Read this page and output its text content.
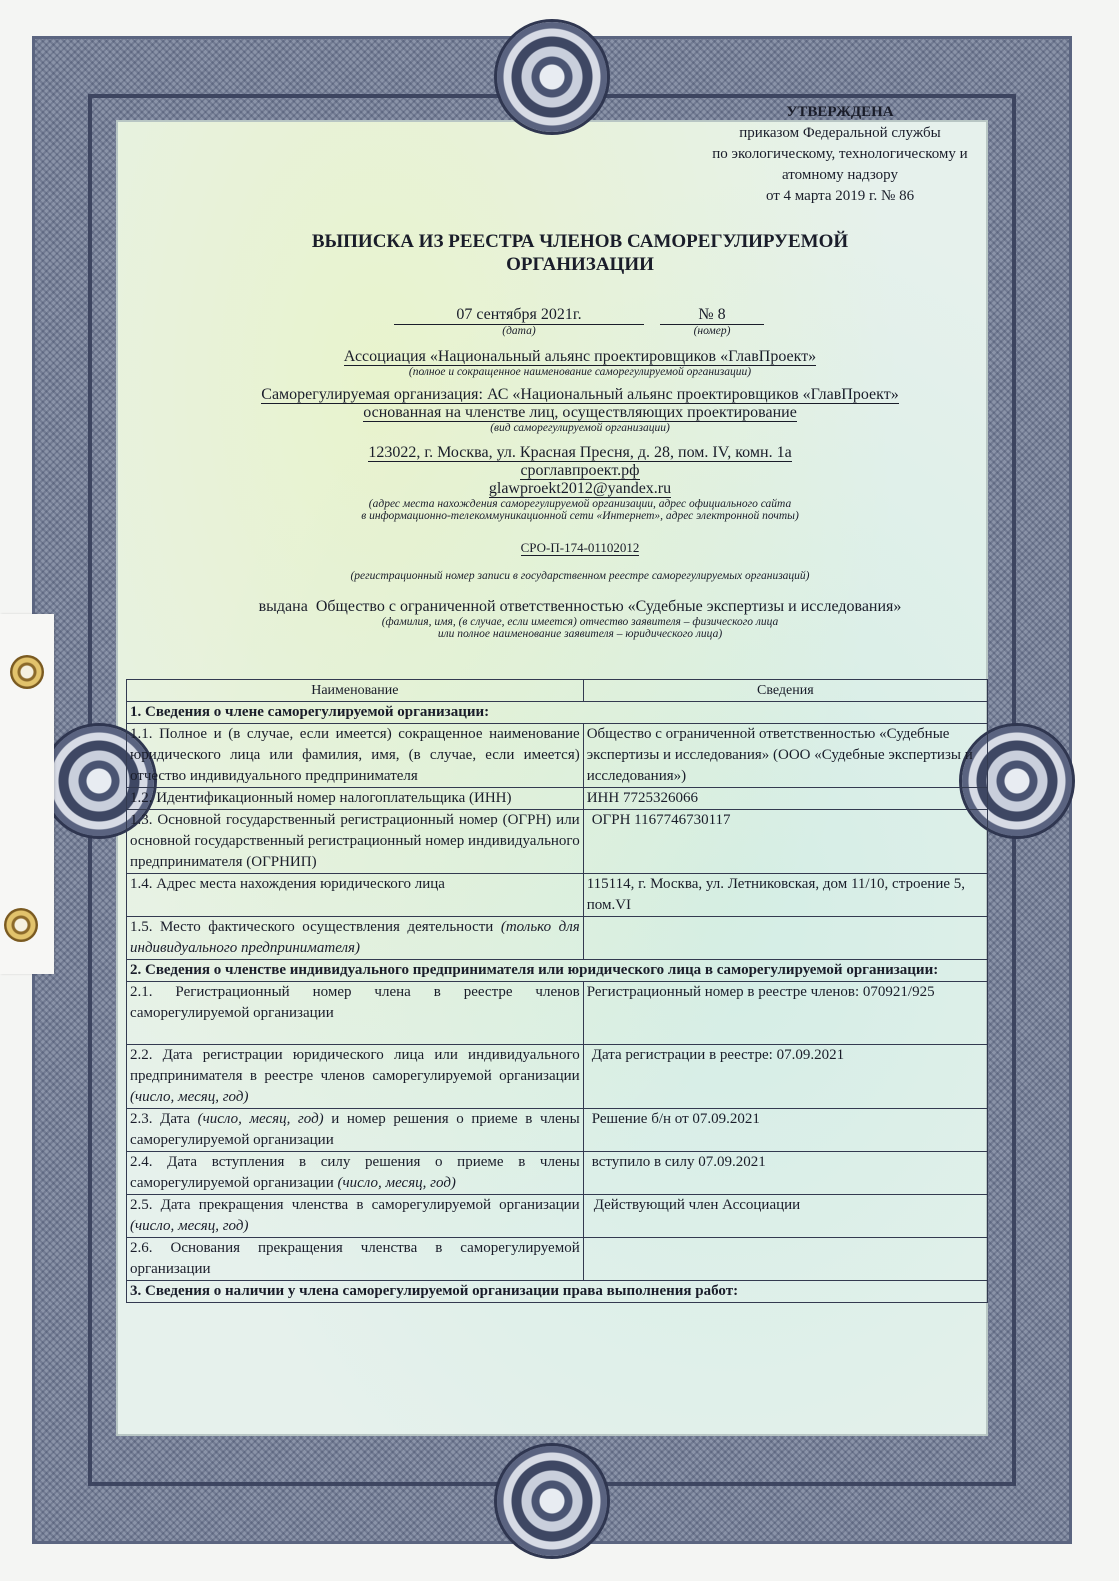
УТВЕРЖДЕНА
приказом Федеральной службы
по экологическому, технологическому и
атомному надзору
от 4 марта 2019 г. № 86
ВЫПИСКА ИЗ РЕЕСТРА ЧЛЕНОВ САМОРЕГУЛИРУЕМОЙ
ОРГАНИЗАЦИИ
07 сентября 2021г.
(дата)
№ 8
(номер)
Ассоциация «Национальный альянс проектировщиков «ГлавПроект»
(полное и сокращенное наименование саморегулируемой организации)
Саморегулируемая организация: АС «Национальный альянс проектировщиков «ГлавПроект»
основанная на членстве лиц, осуществляющих проектирование
(вид саморегулируемой организации)
123022, г. Москва, ул. Красная Пресня, д. 28, пом. IV, комн. 1а
сроглавпроект.рф
glawproekt2012@yandex.ru
(адрес места нахождения саморегулируемой организации, адрес официального сайта
в информационно-телекоммуникационной сети «Интернет», адрес электронной почты)
СРО-П-174-01102012
(регистрационный номер записи в государственном реестре саморегулируемых организаций)
выдана Общество с ограниченной ответственностью «Судебные экспертизы и исследования»
(фамилия, имя, (в случае, если имеется) отчество заявителя – физического лица
или полное наименование заявителя – юридического лица)
Наименование	Сведения
1. Сведения о члене саморегулируемой организации:	
1.1. Полное и (в случае, если имеется) сокращенное наименование юридического лица или фамилия, имя, (в случае, если имеется) отчество индивидуального предпринимателя	Общество с ограниченной ответственностью «Судебные экспертизы и исследования» (ООО «Судебные экспертизы и исследования»)
1.2. Идентификационный номер налогоплательщика (ИНН)	ИНН 7725326066
1.3. Основной государственный регистрационный номер (ОГРН) или основной государственный регистрационный номер индивидуального предпринимателя (ОГРНИП)	ОГРН 1167746730117
1.4. Адрес места нахождения юридического лица	115114, г. Москва, ул. Летниковская, дом 11/10, строение 5, пом.VI
1.5. Место фактического осуществления деятельности (только для индивидуального предпринимателя)	
2. Сведения о членстве индивидуального предпринимателя или юридического лица в саморегулируемой организации:	
2.1. Регистрационный номер члена в реестре членов саморегулируемой организации	Регистрационный номер в реестре членов: 070921/925
2.2. Дата регистрации юридического лица или индивидуального предпринимателя в реестре членов саморегулируемой организации (число, месяц, год)	Дата регистрации в реестре: 07.09.2021
2.3. Дата (число, месяц, год) и номер решения о приеме в члены саморегулируемой организации	Решение б/н от 07.09.2021
2.4. Дата вступления в силу решения о приеме в члены саморегулируемой организации (число, месяц, год)	вступило в силу 07.09.2021
2.5. Дата прекращения членства в саморегулируемой организации (число, месяц, год)	Действующий член Ассоциации
2.6. Основания прекращения членства в саморегулируемой организации	
3. Сведения о наличии у члена саморегулируемой организации права выполнения работ:	
